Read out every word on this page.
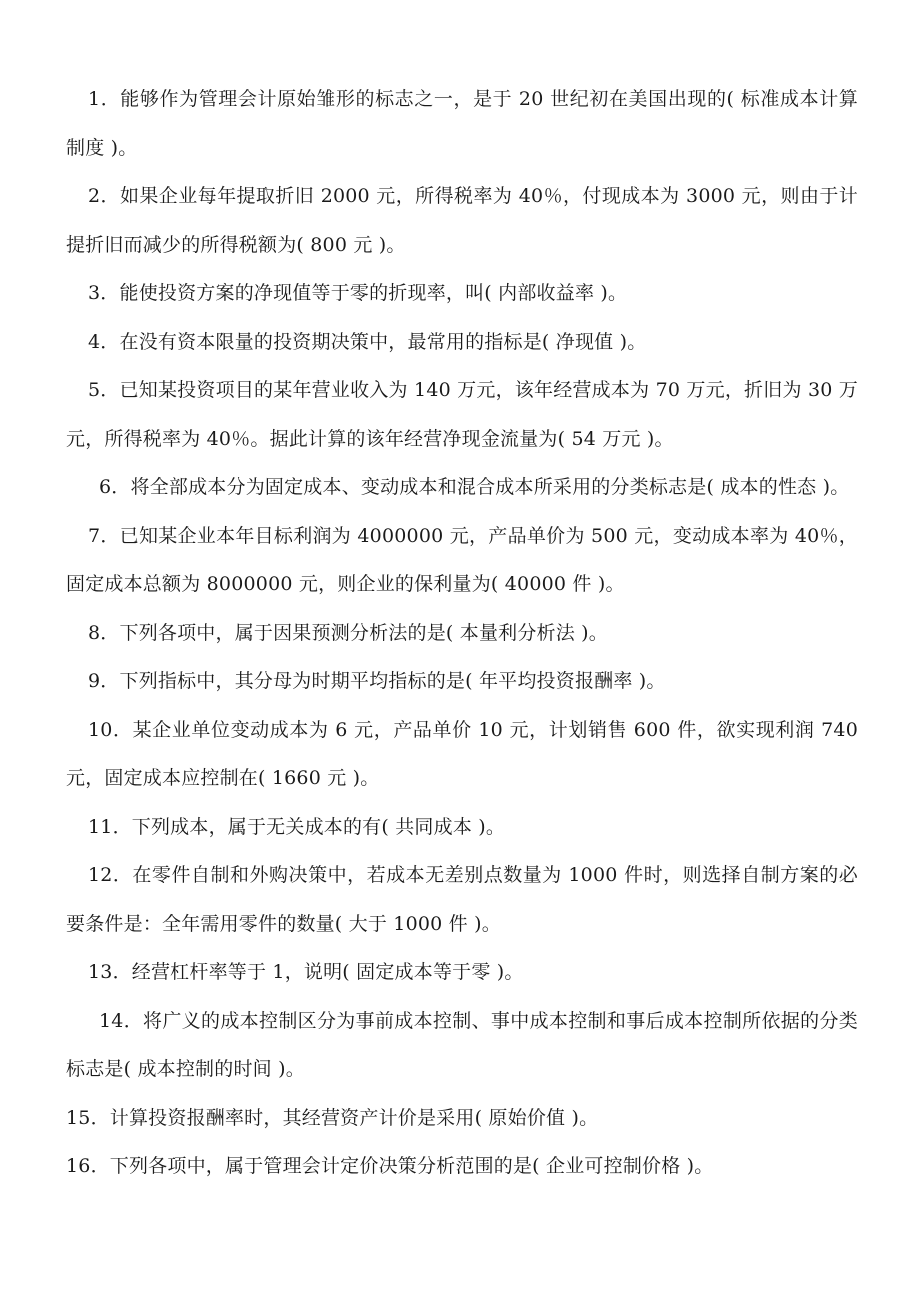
1．能够作为管理会计原始雏形的标志之一，是于 20 世纪初在美国出现的( 标准成本计算制度 )。

2．如果企业每年提取折旧 2000 元，所得税率为 40％，付现成本为 3000 元，则由于计提折旧而减少的所得税额为( 800 元 )。

3．能使投资方案的净现值等于零的折现率，叫( 内部收益率 )。

4．在没有资本限量的投资期决策中，最常用的指标是( 净现值 )。

5．已知某投资项目的某年营业收入为 140 万元，该年经营成本为 70 万元，折旧为 30 万元，所得税率为 40％。据此计算的该年经营净现金流量为( 54 万元 )。

6．将全部成本分为固定成本、变动成本和混合成本所采用的分类标志是( 成本的性态 )。

7．已知某企业本年目标利润为 4000000 元，产品单价为 500 元，变动成本率为 40％，固定成本总额为 8000000 元，则企业的保利量为( 40000 件 )。

8．下列各项中，属于因果预测分析法的是( 本量利分析法 )。

9．下列指标中，其分母为时期平均指标的是( 年平均投资报酬率 )。

10．某企业单位变动成本为 6 元，产品单价 10 元，计划销售 600 件，欲实现利润 740 元，固定成本应控制在( 1660 元 )。

11．下列成本，属于无关成本的有( 共同成本 )。

12．在零件自制和外购决策中，若成本无差别点数量为 1000 件时，则选择自制方案的必要条件是：全年需用零件的数量( 大于 1000 件 )。

13．经营杠杆率等于 1，说明( 固定成本等于零 )。

14．将广义的成本控制区分为事前成本控制、事中成本控制和事后成本控制所依据的分类标志是( 成本控制的时间 )。

15．计算投资报酬率时，其经营资产计价是采用( 原始价值 )。

16．下列各项中，属于管理会计定价决策分析范围的是( 企业可控制价格 )。
